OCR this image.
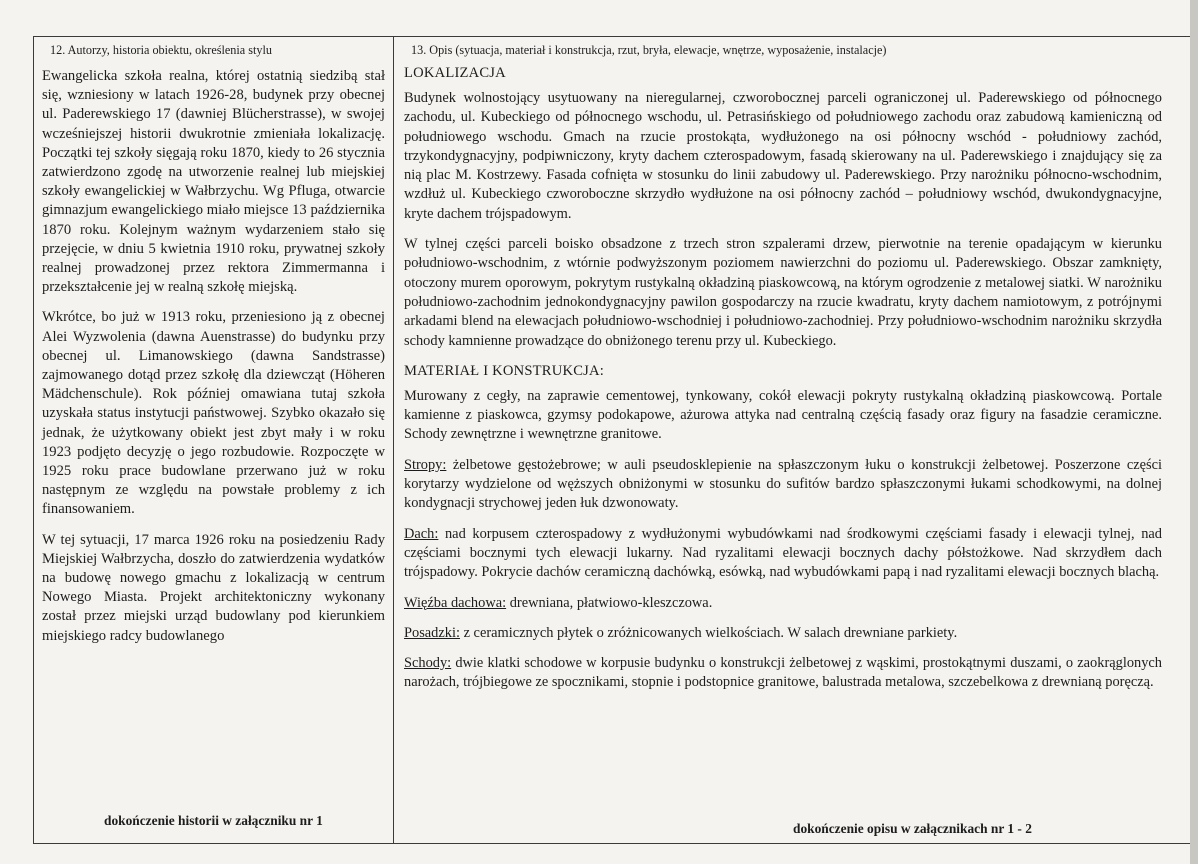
12. Autorzy, historia obiektu, określenia stylu

Ewangelicka szkoła realna, której ostatnią siedzibą stał się, wzniesiony w latach 1926-28, budynek przy obecnej ul. Paderewskiego 17 (dawniej Blücherstrasse), w swojej wcześniejszej historii dwukrotnie zmieniała lokalizację. Początki tej szkoły sięgają roku 1870, kiedy to 26 stycznia zatwierdzono zgodę na utworzenie realnej lub miejskiej szkoły ewangelickiej w Wałbrzychu. Wg Pfluga, otwarcie gimnazjum ewangelickiego miało miejsce 13 października 1870 roku. Kolejnym ważnym wydarzeniem stało się przejęcie, w dniu 5 kwietnia 1910 roku, prywatnej szkoły realnej prowadzonej przez rektora Zimmermanna i przekształcenie jej w realną szkołę miejską.

Wkrótce, bo już w 1913 roku, przeniesiono ją z obecnej Alei Wyzwolenia (dawna Auenstrasse) do budynku przy obecnej ul. Limanowskiego (dawna Sandstrasse) zajmowanego dotąd przez szkołę dla dziewcząt (Höheren Mädchenschule). Rok później omawiana tutaj szkoła uzyskała status instytucji państwowej. Szybko okazało się jednak, że użytkowany obiekt jest zbyt mały i w roku 1923 podjęto decyzję o jego rozbudowie. Rozpoczęte w 1925 roku prace budowlane przerwano już w roku następnym ze względu na powstałe problemy z ich finansowaniem.

W tej sytuacji, 17 marca 1926 roku na posiedzeniu Rady Miejskiej Wałbrzycha, doszło do zatwierdzenia wydatków na budowę nowego gmachu z lokalizacją w centrum Nowego Miasta. Projekt architektoniczny wykonany został przez miejski urząd budowlany pod kierunkiem miejskiego radcy budowlanego

dokończenie historii w załączniku nr 1
13. Opis (sytuacja, materiał i konstrukcja, rzut, bryła, elewacje, wnętrze, wyposażenie, instalacje)
LOKALIZACJA

Budynek wolnostojący usytuowany na nieregularnej, czworobocznej parceli ograniczonej ul. Paderewskiego od północnego zachodu, ul. Kubeckiego od północnego wschodu, ul. Petrasińskiego od południowego zachodu oraz zabudową kamieniczną od południowego wschodu. Gmach na rzucie prostokąta, wydłużonego na osi północny wschód - południowy zachód, trzykondygnacyjny, podpiwniczony, kryty dachem czterospadowym, fasadą skierowany na ul. Paderewskiego i znajdujący się za nią plac M. Kostrzewy. Fasada cofnięta w stosunku do linii zabudowy ul. Paderewskiego. Przy narożniku północno-wschodnim, wzdłuż ul. Kubeckiego czworoboczne skrzydło wydłużone na osi północny zachód – południowy wschód, dwukondygnacyjne, kryte dachem trójspadowym.

W tylnej części parceli boisko obsadzone z trzech stron szpalerami drzew, pierwotnie na terenie opadającym w kierunku południowo-wschodnim, z wtórnie podwyższonym poziomem nawierzchni do poziomu ul. Paderewskiego. Obszar zamknięty, otoczony murem oporowym, pokrytym rustykalną okładziną piaskowcową, na którym ogrodzenie z metalowej siatki. W narożniku południowo-zachodnim jednokondygnacyjny pawilon gospodarczy na rzucie kwadratu, kryty dachem namiotowym, z potrójnymi arkadami blend na elewacjach południowo-wschodniej i południowo-zachodniej. Przy południowo-wschodnim narożniku skrzydła schody kamnienne prowadzące do obniżonego terenu przy ul. Kubeckiego.

MATERIAŁ I KONSTRUKCJA:

Murowany z cegły, na zaprawie cementowej, tynkowany, cokół elewacji pokryty rustykalną okładziną piaskowcową. Portale kamienne z piaskowca, gzymsy podokapowe, ażurowa attyka nad centralną częścią fasady oraz figury na fasadzie ceramiczne. Schody zewnętrzne i wewnętrzne granitowe.

Stropy: żelbetowe gęstożebrowe; w auli pseudosklepienie na spłaszczonym łuku o konstrukcji żelbetowej. Poszerzone części korytarzy wydzielone od węższych obniżonymi w stosunku do sufitów bardzo spłaszczonymi łukami schodkowymi, na dolnej kondygnacji strychowej jeden łuk dzwonowaty.

Dach: nad korpusem czterospadowy z wydłużonymi wybudówkami nad środkowymi częściami fasady i elewacji tylnej, nad częściami bocznymi tych elewacji lukarny. Nad ryzalitami elewacji bocznych dachy półstożkowe. Nad skrzydłem dach trójspadowy. Pokrycie dachów ceramiczną dachówką, esówką, nad wybudówkami papą i nad ryzalitami elewacji bocznych blachą.

Więźba dachowa: drewniana, płatwiowo-kleszczowa.

Posadzki: z ceramicznych płytek o zróżnicowanych wielkościach. W salach drewniane parkiety.

Schody: dwie klatki schodowe w korpusie budynku o konstrukcji żelbetowej z wąskimi, prostokątnymi duszami, o zaokrąglonych narożach, trójbiegowe ze spocznikami, stopnie i podstopnice granitowe, balustrada metalowa, szczebelkowa z drewnianą poręczą.

dokończenie opisu w załącznikach nr 1 - 2
